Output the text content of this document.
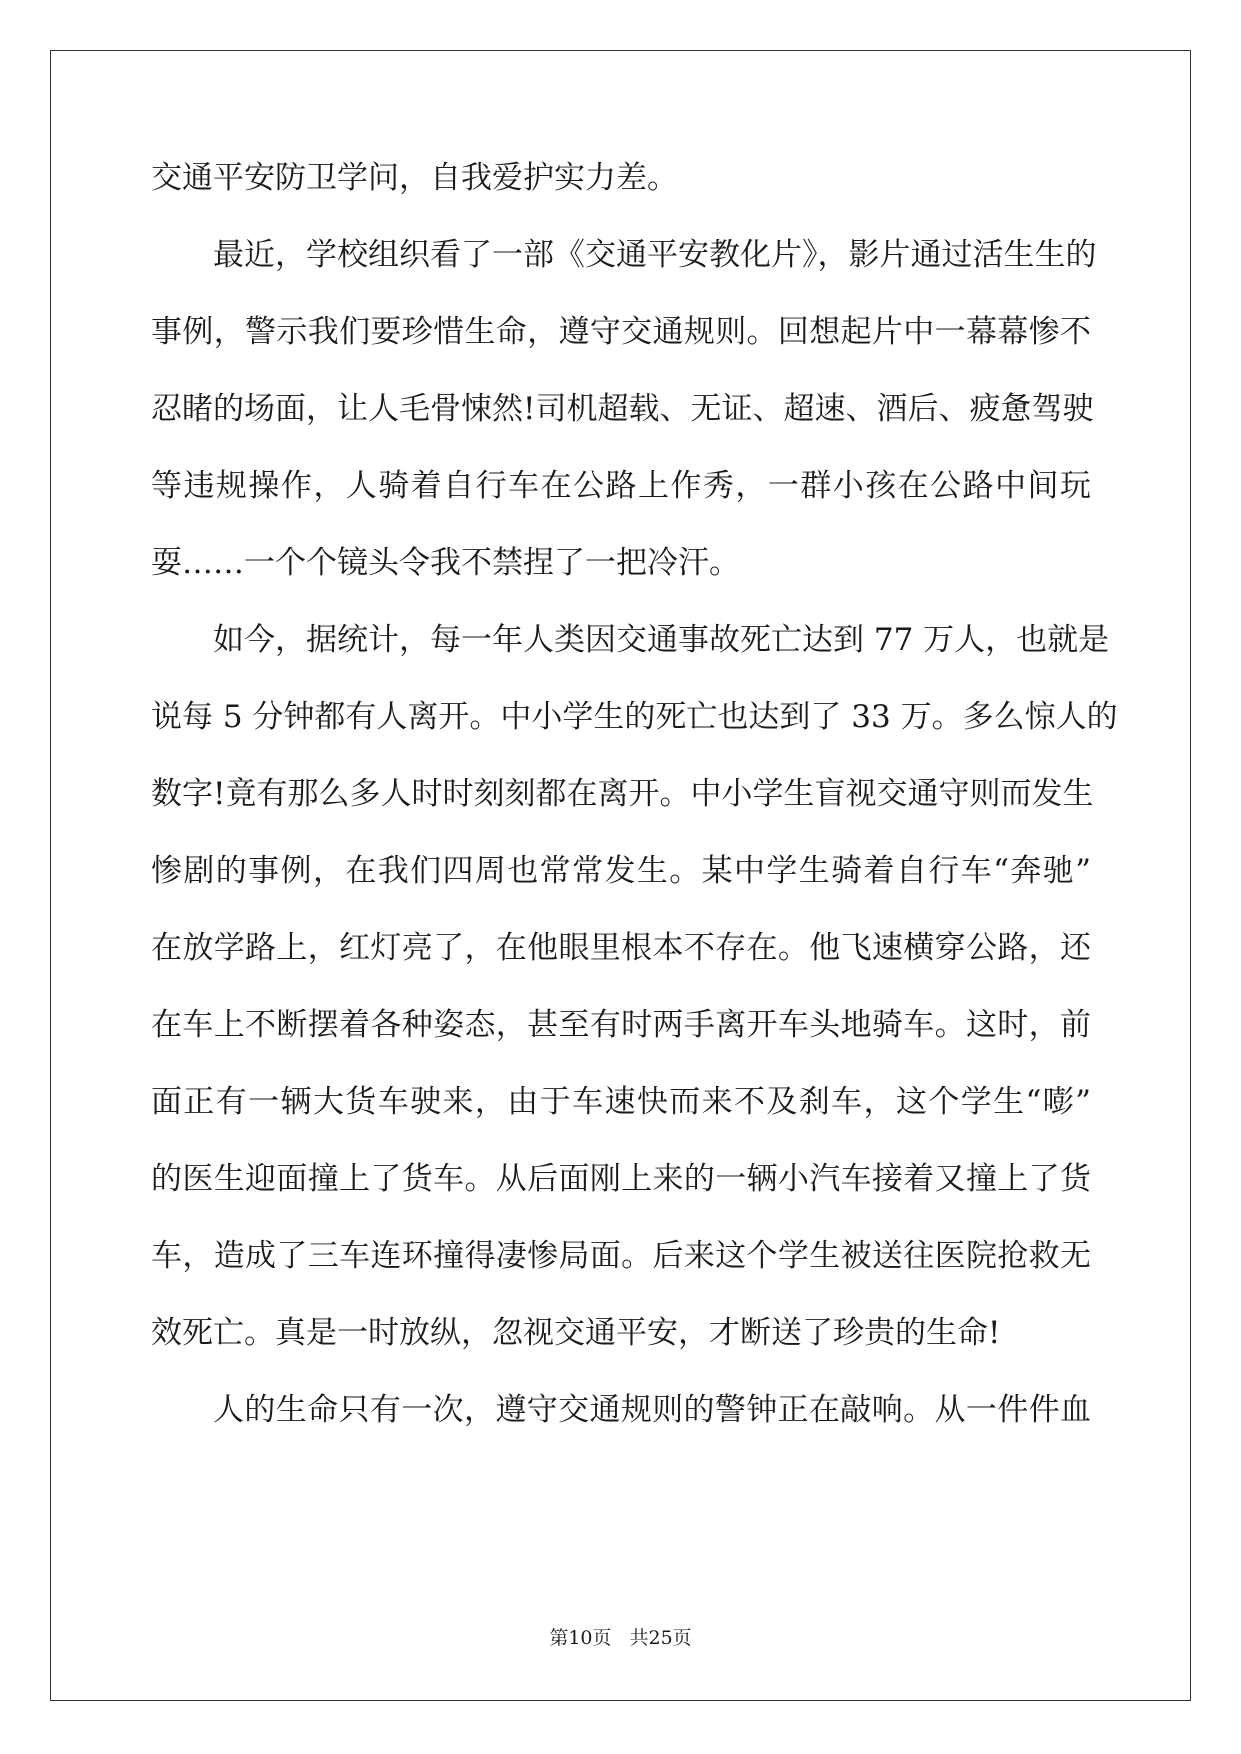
交通平安防卫学问，自我爱护实力差。
最近，学校组织看了一部《交通平安教化片》，影片通过活生生的
事例，警示我们要珍惜生命，遵守交通规则。回想起片中一幕幕惨不
忍睹的场面，让人毛骨悚然!司机超载、无证、超速、酒后、疲惫驾驶
等违规操作，人骑着自行车在公路上作秀，一群小孩在公路中间玩
耍……一个个镜头令我不禁捏了一把冷汗。
如今，据统计，每一年人类因交通事故死亡达到 77 万人，也就是
说每 5 分钟都有人离开。中小学生的死亡也达到了 33 万。多么惊人的
数字!竟有那么多人时时刻刻都在离开。中小学生盲视交通守则而发生
惨剧的事例，在我们四周也常常发生。某中学生骑着自行车“奔驰”
在放学路上，红灯亮了，在他眼里根本不存在。他飞速横穿公路，还
在车上不断摆着各种姿态，甚至有时两手离开车头地骑车。这时，前
面正有一辆大货车驶来，由于车速快而来不及刹车，这个学生“嘭”
的医生迎面撞上了货车。从后面刚上来的一辆小汽车接着又撞上了货
车，造成了三车连环撞得凄惨局面。后来这个学生被送往医院抢救无
效死亡。真是一时放纵，忽视交通平安，才断送了珍贵的生命!
人的生命只有一次，遵守交通规则的警钟正在敲响。从一件件血
第10页 共25页
